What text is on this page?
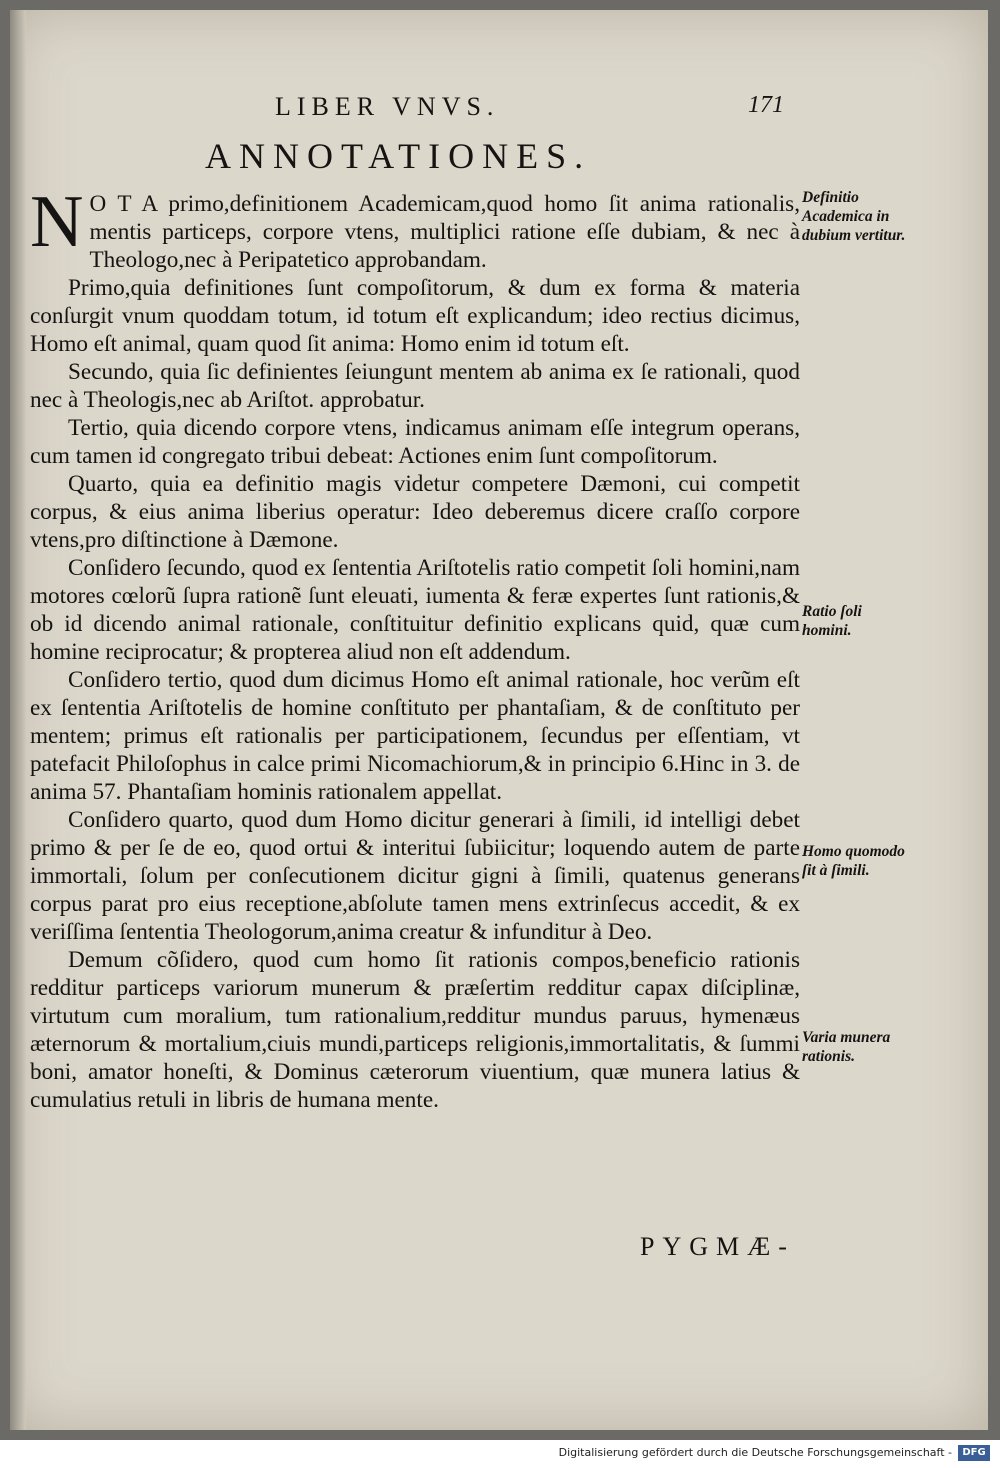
LIBER VNVS.	171
ANNOTATIONES.

N O T A primo,definitionem Academicam,quod homo ſit anima rationalis, mentis particeps, corpore vtens, multiplici ratione eſſe dubiam, & nec à Theologo,nec à Peripatetico approbandam.

Primo,quia definitiones ſunt compoſitorum, & dum ex forma & materia conſurgit vnum quoddam totum, id totum eſt explicandum; ideo rectius dicimus, Homo eſt animal, quam quod ſit anima: Homo enim id totum eſt.

Secundo, quia ſic definientes ſeiungunt mentem ab anima ex ſe rationali, quod nec à Theologis,nec ab Ariſtot. approbatur.

Tertio, quia dicendo corpore vtens, indicamus animam eſſe integrum operans, cum tamen id congregato tribui debeat: Actiones enim ſunt compoſitorum.

Quarto, quia ea definitio magis videtur competere Dæmoni, cui competit corpus, & eius anima liberius operatur: Ideo deberemus dicere craſſo corpore vtens,pro diſtinctione à Dæmone.

Conſidero ſecundo, quod ex ſententia Ariſtotelis ratio competit ſoli homini,nam motores cœlorũ ſupra rationẽ ſunt eleuati, iumenta & feræ expertes ſunt rationis,& ob id dicendo animal rationale, conſtituitur definitio explicans quid, quæ cum homine reciprocatur; & propterea aliud non eſt addendum.

Conſidero tertio, quod dum dicimus Homo eſt animal rationale, hoc verũm eſt ex ſententia Ariſtotelis de homine conſtituto per phantaſiam, & de conſtituto per mentem; primus eſt rationalis per participationem, ſecundus per eſſentiam, vt patefacit Philoſophus in calce primi Nicomachiorum,& in principio 6.Hinc in 3. de anima 57. Phantaſiam hominis rationalem appellat.

Conſidero quarto, quod dum Homo dicitur generari à ſimili, id intelligi debet primo & per ſe de eo, quod ortui & interitui ſubiicitur; loquendo autem de parte immortali, ſolum per conſecutionem dicitur gigni à ſimili, quatenus generans corpus parat pro eius receptione,abſolute tamen mens extrinſecus accedit, & ex veriſſima ſententia Theologorum,anima creatur & infunditur à Deo.

Demum cõſidero, quod cum homo ſit rationis compos,beneficio rationis redditur particeps variorum munerum & præſertim redditur capax diſciplinæ, virtutum cum moralium, tum rationalium,redditur mundus paruus, hymenæus æternorum & mortalium,ciuis mundi,particeps religionis,immortalitatis, & ſummi boni, amator honeſti, & Dominus cæterorum viuentium, quæ munera latius & cumulatius retuli in libris de humana mente.

Definitio Academica in dubium vertitur.
Ratio ſoli homini.
Homo quomodo ſit à ſimili.
Varia munera rationis.
PYGMÆ-
Digitalisierung gefördert durch die Deutsche Forschungsgemeinschaft -	DFG
